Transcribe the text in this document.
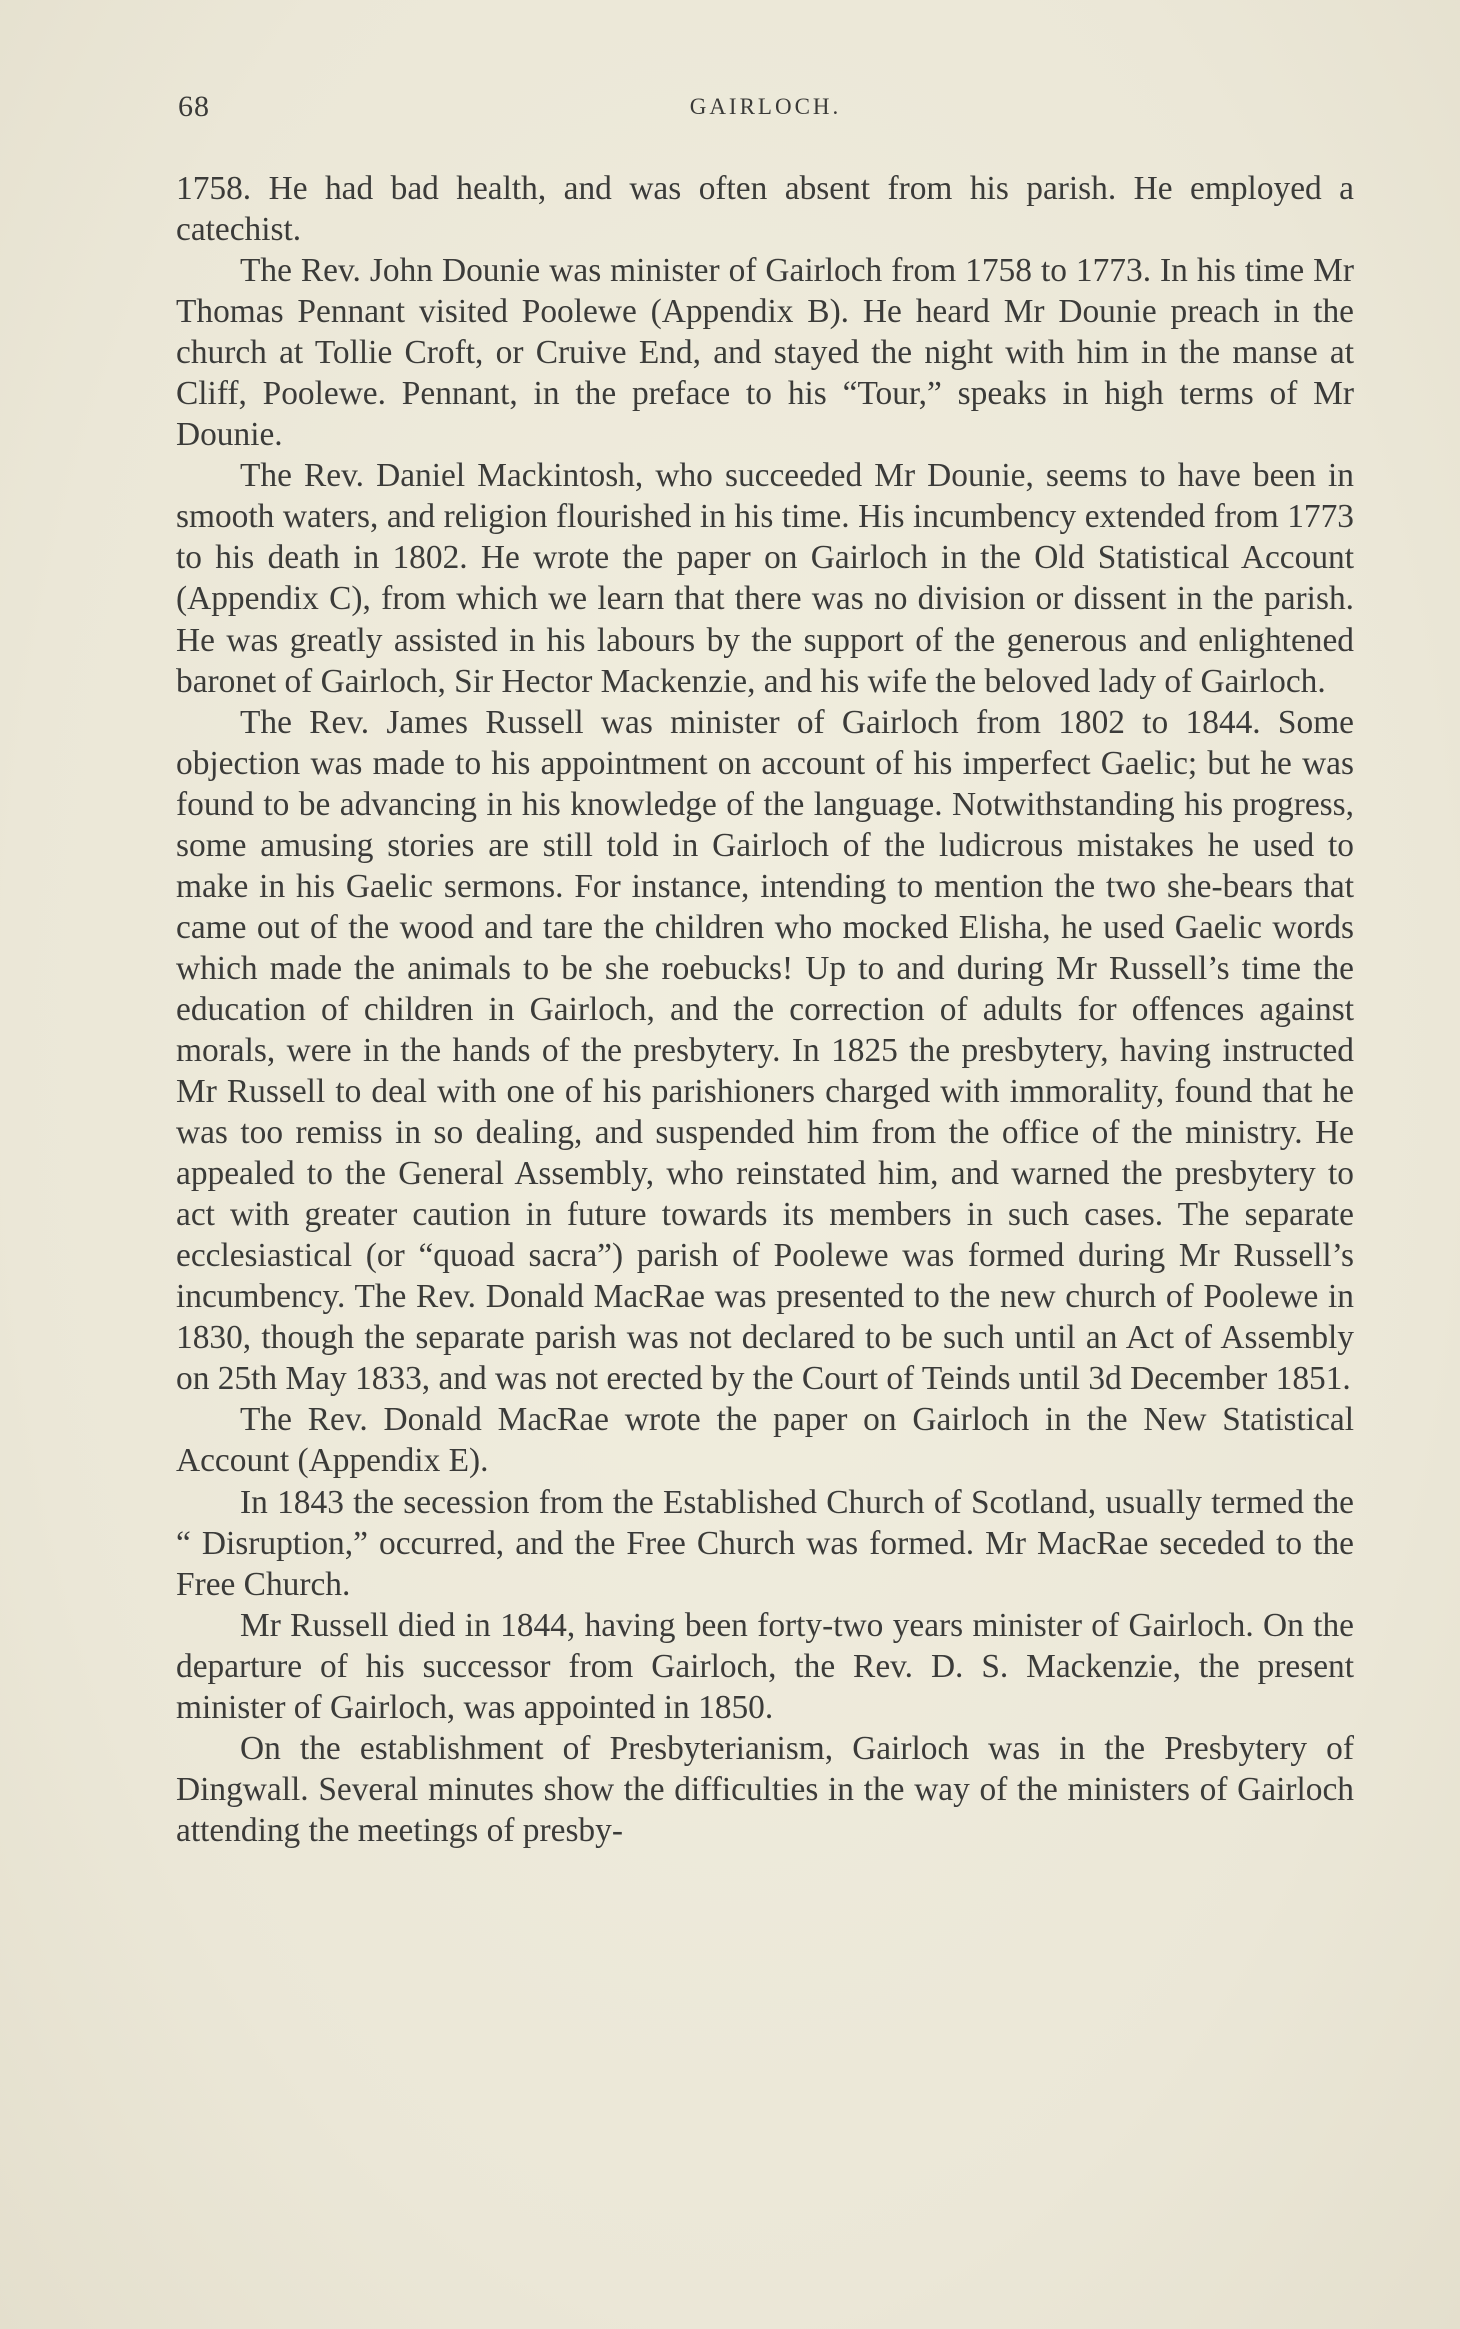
68	GAIRLOCH.

1758. He had bad health, and was often absent from his parish. He employed a catechist.

The Rev. John Dounie was minister of Gairloch from 1758 to 1773. In his time Mr Thomas Pennant visited Poolewe (Appendix B). He heard Mr Dounie preach in the church at Tollie Croft, or Cruive End, and stayed the night with him in the manse at Cliff, Poolewe. Pennant, in the preface to his “Tour,” speaks in high terms of Mr Dounie.

The Rev. Daniel Mackintosh, who succeeded Mr Dounie, seems to have been in smooth waters, and religion flourished in his time. His incumbency extended from 1773 to his death in 1802. He wrote the paper on Gairloch in the Old Statistical Account (Appendix C), from which we learn that there was no division or dissent in the parish. He was greatly assisted in his labours by the support of the generous and enlightened baronet of Gairloch, Sir Hector Mackenzie, and his wife the beloved lady of Gairloch.

The Rev. James Russell was minister of Gairloch from 1802 to 1844. Some objection was made to his appointment on account of his imperfect Gaelic; but he was found to be advancing in his knowledge of the language. Notwithstanding his progress, some amusing stories are still told in Gairloch of the ludicrous mistakes he used to make in his Gaelic sermons. For instance, intending to mention the two she-bears that came out of the wood and tare the children who mocked Elisha, he used Gaelic words which made the animals to be she roebucks! Up to and during Mr Russell’s time the education of children in Gairloch, and the correction of adults for offences against morals, were in the hands of the presbytery. In 1825 the presbytery, having instructed Mr Russell to deal with one of his parishioners charged with immorality, found that he was too remiss in so dealing, and suspended him from the office of the ministry. He appealed to the General Assembly, who reinstated him, and warned the presbytery to act with greater caution in future towards its members in such cases. The separate ecclesiastical (or “quoad sacra”) parish of Poolewe was formed during Mr Russell’s incumbency. The Rev. Donald MacRae was presented to the new church of Poolewe in 1830, though the separate parish was not declared to be such until an Act of Assembly on 25th May 1833, and was not erected by the Court of Teinds until 3d December 1851.

The Rev. Donald MacRae wrote the paper on Gairloch in the New Statistical Account (Appendix E).

In 1843 the secession from the Established Church of Scotland, usually termed the “ Disruption,” occurred, and the Free Church was formed. Mr MacRae seceded to the Free Church.

Mr Russell died in 1844, having been forty-two years minister of Gairloch. On the departure of his successor from Gairloch, the Rev. D. S. Mackenzie, the present minister of Gairloch, was appointed in 1850.

On the establishment of Presbyterianism, Gairloch was in the Presbytery of Dingwall. Several minutes show the difficulties in the way of the ministers of Gairloch attending the meetings of presby-
